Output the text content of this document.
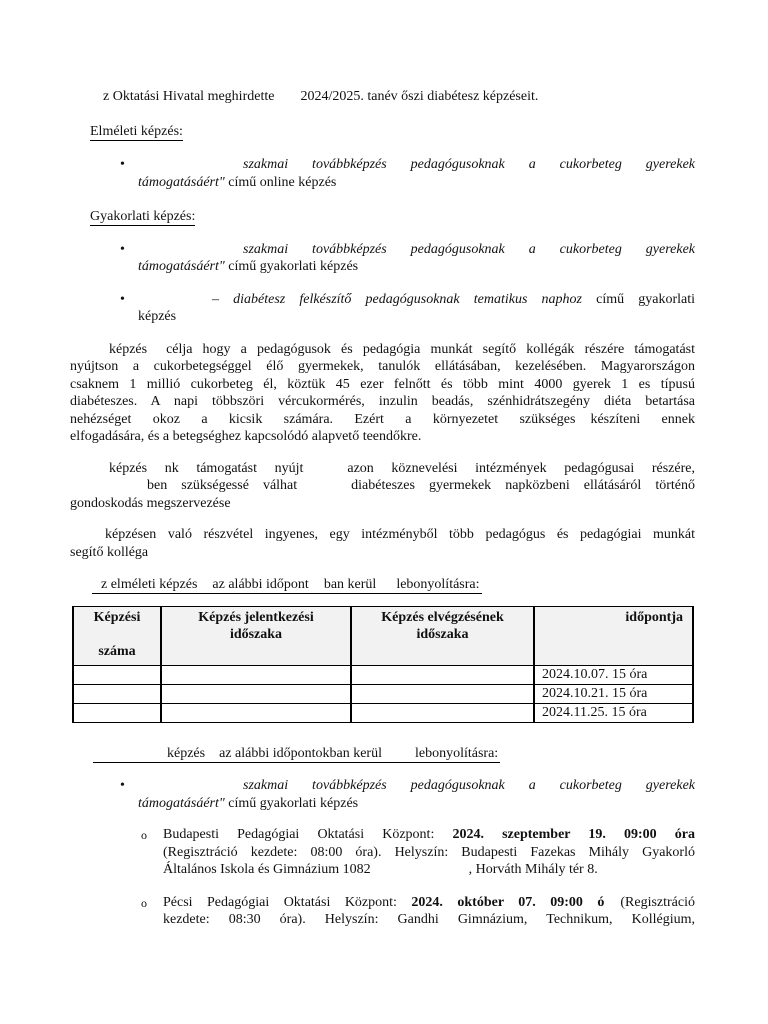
z Oktatási Hivatal meghirdette 2024/2025. tanév őszi diabétesz képzéseit.
Elméleti képzés:
•	szakmai továbbképzés pedagógusoknak a cukorbeteg gyerekek
támogatásáért" című online képzés
Gyakorlati képzés:
•	szakmai továbbképzés pedagógusoknak a cukorbeteg gyerekek
támogatásáért" című gyakorlati képzés
•	– diabétesz felkészítő pedagógusoknak tematikus naphoz című gyakorlati
képzés
képzés célja hogy a pedagógusok és pedagógia munkát segítő kollégák részére támogatást
nyújtson a cukorbetegséggel élő gyermekek, tanulók ellátásában, kezelésében. Magyarországon
csaknem 1 millió cukorbeteg él, köztük 45 ezer felnőtt és több mint 4000 gyerek 1 es típusú
diabéteszes. A napi többszöri vércukormérés, inzulin beadás, szénhidrátszegény diéta betartása
nehézséget okoz a kicsik számára. Ezért a környezetet szükséges készíteni ennek
elfogadására, és a betegséghez kapcsolódó alapvető teendőkre.
képzés nk támogatást nyújt	azon köznevelési intézmények pedagógusai részére,
ben szükségessé válhat	diabéteszes gyermekek napközbeni ellátásáról történő
gondoskodás megszervezése
képzésen való részvétel ingyenes, egy intézményből több pedagógus és pedagógiai munkát
segítő kolléga
z elméleti képzés az alábbi időpont ban kerül lebonyolításra:
Képzési
száma	Képzés jelentkezési időszaka	Képzés elvégzésének időszaka	időpontja

			2024.10.07. 15 óra
			2024.10.21. 15 óra
			2024.11.25. 15 óra
képzés az alábbi időpontokban kerül lebonyolításra:
•	szakmai továbbképzés pedagógusoknak a cukorbeteg gyerekek
támogatásáért" című gyakorlati képzés
o Budapesti Pedagógiai Oktatási Központ: 2024. szeptember 19. 09:00 óra
(Regisztráció kezdete: 08:00 óra). Helyszín: Budapesti Fazekas Mihály Gyakorló
Általános Iskola és Gimnázium 1082	, Horváth Mihály tér 8.
o Pécsi Pedagógiai Oktatási Központ: 2024. október 07. 09:00 ó (Regisztráció
kezdete: 08:30 óra). Helyszín: Gandhi Gimnázium, Technikum, Kollégium,
